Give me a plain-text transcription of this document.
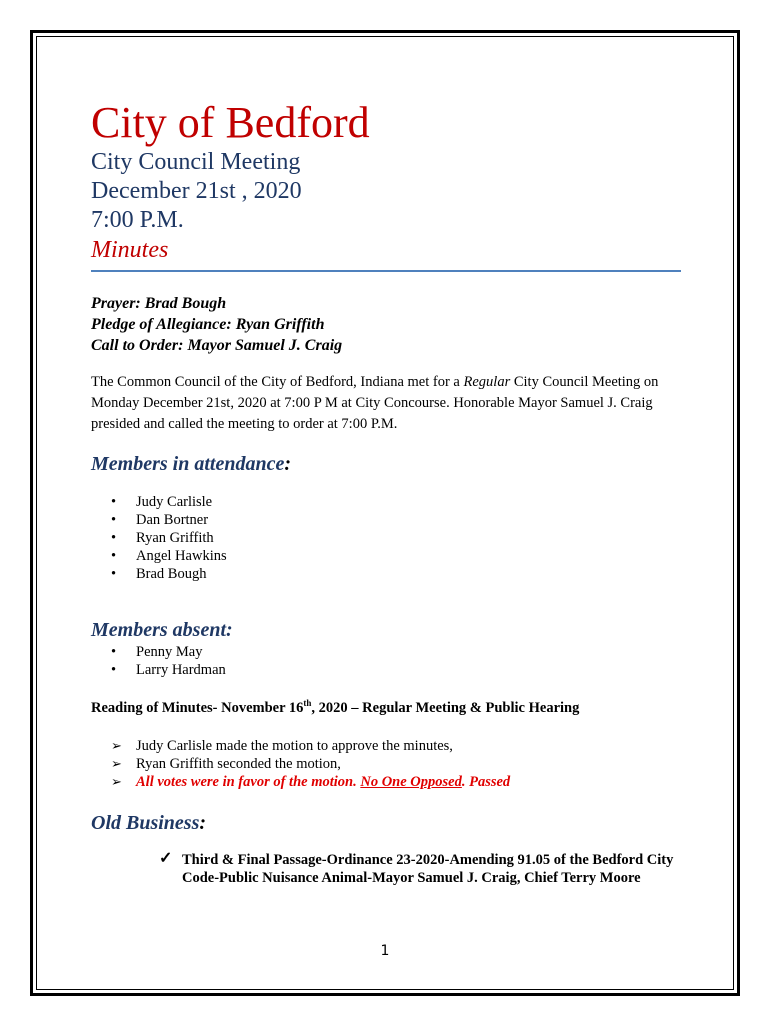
City of Bedford
City Council Meeting
December 21st , 2020
7:00 P.M.
Minutes
Prayer: Brad Bough
Pledge of Allegiance: Ryan Griffith
Call to Order: Mayor Samuel J. Craig
The Common Council of the City of Bedford, Indiana met for a Regular City Council Meeting on Monday December 21st, 2020 at 7:00 P M at City Concourse. Honorable Mayor Samuel J. Craig presided and called the meeting to order at 7:00 P.M.
Members in attendance:
• Judy Carlisle
• Dan Bortner
• Ryan Griffith
• Angel Hawkins
• Brad Bough
Members absent:
• Penny May
• Larry Hardman
Reading of Minutes- November 16th, 2020 – Regular Meeting & Public Hearing
➢ Judy Carlisle made the motion to approve the minutes,
➢ Ryan Griffith seconded the motion,
➢ All votes were in favor of the motion. No One Opposed. Passed
Old Business:
✓ Third & Final Passage-Ordinance 23-2020-Amending 91.05 of the Bedford City Code-Public Nuisance Animal-Mayor Samuel J. Craig, Chief Terry Moore
1
